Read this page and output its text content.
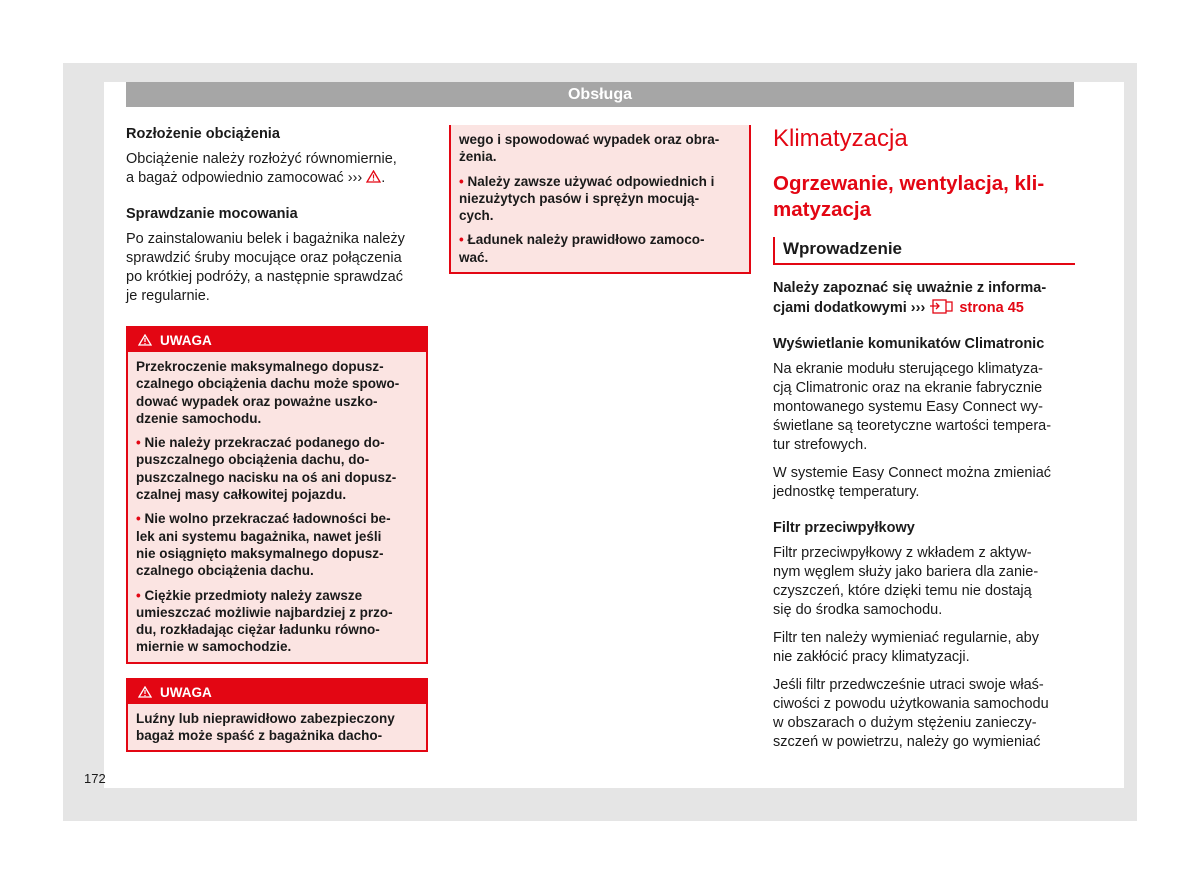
Obsługa
Rozłożenie obciążenia
Obciążenie należy rozłożyć równomiernie,
a bagaż odpowiednio zamocować ››› .
Sprawdzanie mocowania
Po zainstalowaniu belek i bagażnika należy
sprawdzić śruby mocujące oraz połączenia
po krótkiej podróży, a następnie sprawdzać
je regularnie.
UWAGA

Przekroczenie maksymalnego dopusz-
czalnego obciążenia dachu może spowo-
dować wypadek oraz poważne uszko-
dzenie samochodu.

• Nie należy przekraczać podanego do-
puszczalnego obciążenia dachu, do-
puszczalnego nacisku na oś ani dopusz-
czalnej masy całkowitej pojazdu.

• Nie wolno przekraczać ładowności be-
lek ani systemu bagażnika, nawet jeśli
nie osiągnięto maksymalnego dopusz-
czalnego obciążenia dachu.

• Ciężkie przedmioty należy zawsze
umieszczać możliwie najbardziej z przo-
du, rozkładając ciężar ładunku równo-
miernie w samochodzie.

UWAGA

Luźny lub nieprawidłowo zabezpieczony
bagaż może spaść z bagażnika dacho-

wego i spowodować wypadek oraz obra-
żenia.

• Należy zawsze używać odpowiednich i
niezużytych pasów i sprężyn mocują-
cych.

• Ładunek należy prawidłowo zamoco-
wać.

Klimatyzacja
Ogrzewanie, wentylacja, kli-
matyzacja
Wprowadzenie
Należy zapoznać się uważnie z informa-
cjami dodatkowymi ››› strona 45
Wyświetlanie komunikatów Climatronic
Na ekranie modułu sterującego klimatyza-
cją Climatronic oraz na ekranie fabrycznie
montowanego systemu Easy Connect wy-
świetlane są teoretyczne wartości tempera-
tur strefowych.
W systemie Easy Connect można zmieniać
jednostkę temperatury.
Filtr przeciwpyłkowy
Filtr przeciwpyłkowy z wkładem z aktyw-
nym węglem służy jako bariera dla zanie-
czyszczeń, które dzięki temu nie dostają
się do środka samochodu.
Filtr ten należy wymieniać regularnie, aby
nie zakłócić pracy klimatyzacji.
Jeśli filtr przedwcześnie utraci swoje właś-
ciwości z powodu użytkowania samochodu
w obszarach o dużym stężeniu zanieczy-
szczeń w powietrzu, należy go wymieniać
172
